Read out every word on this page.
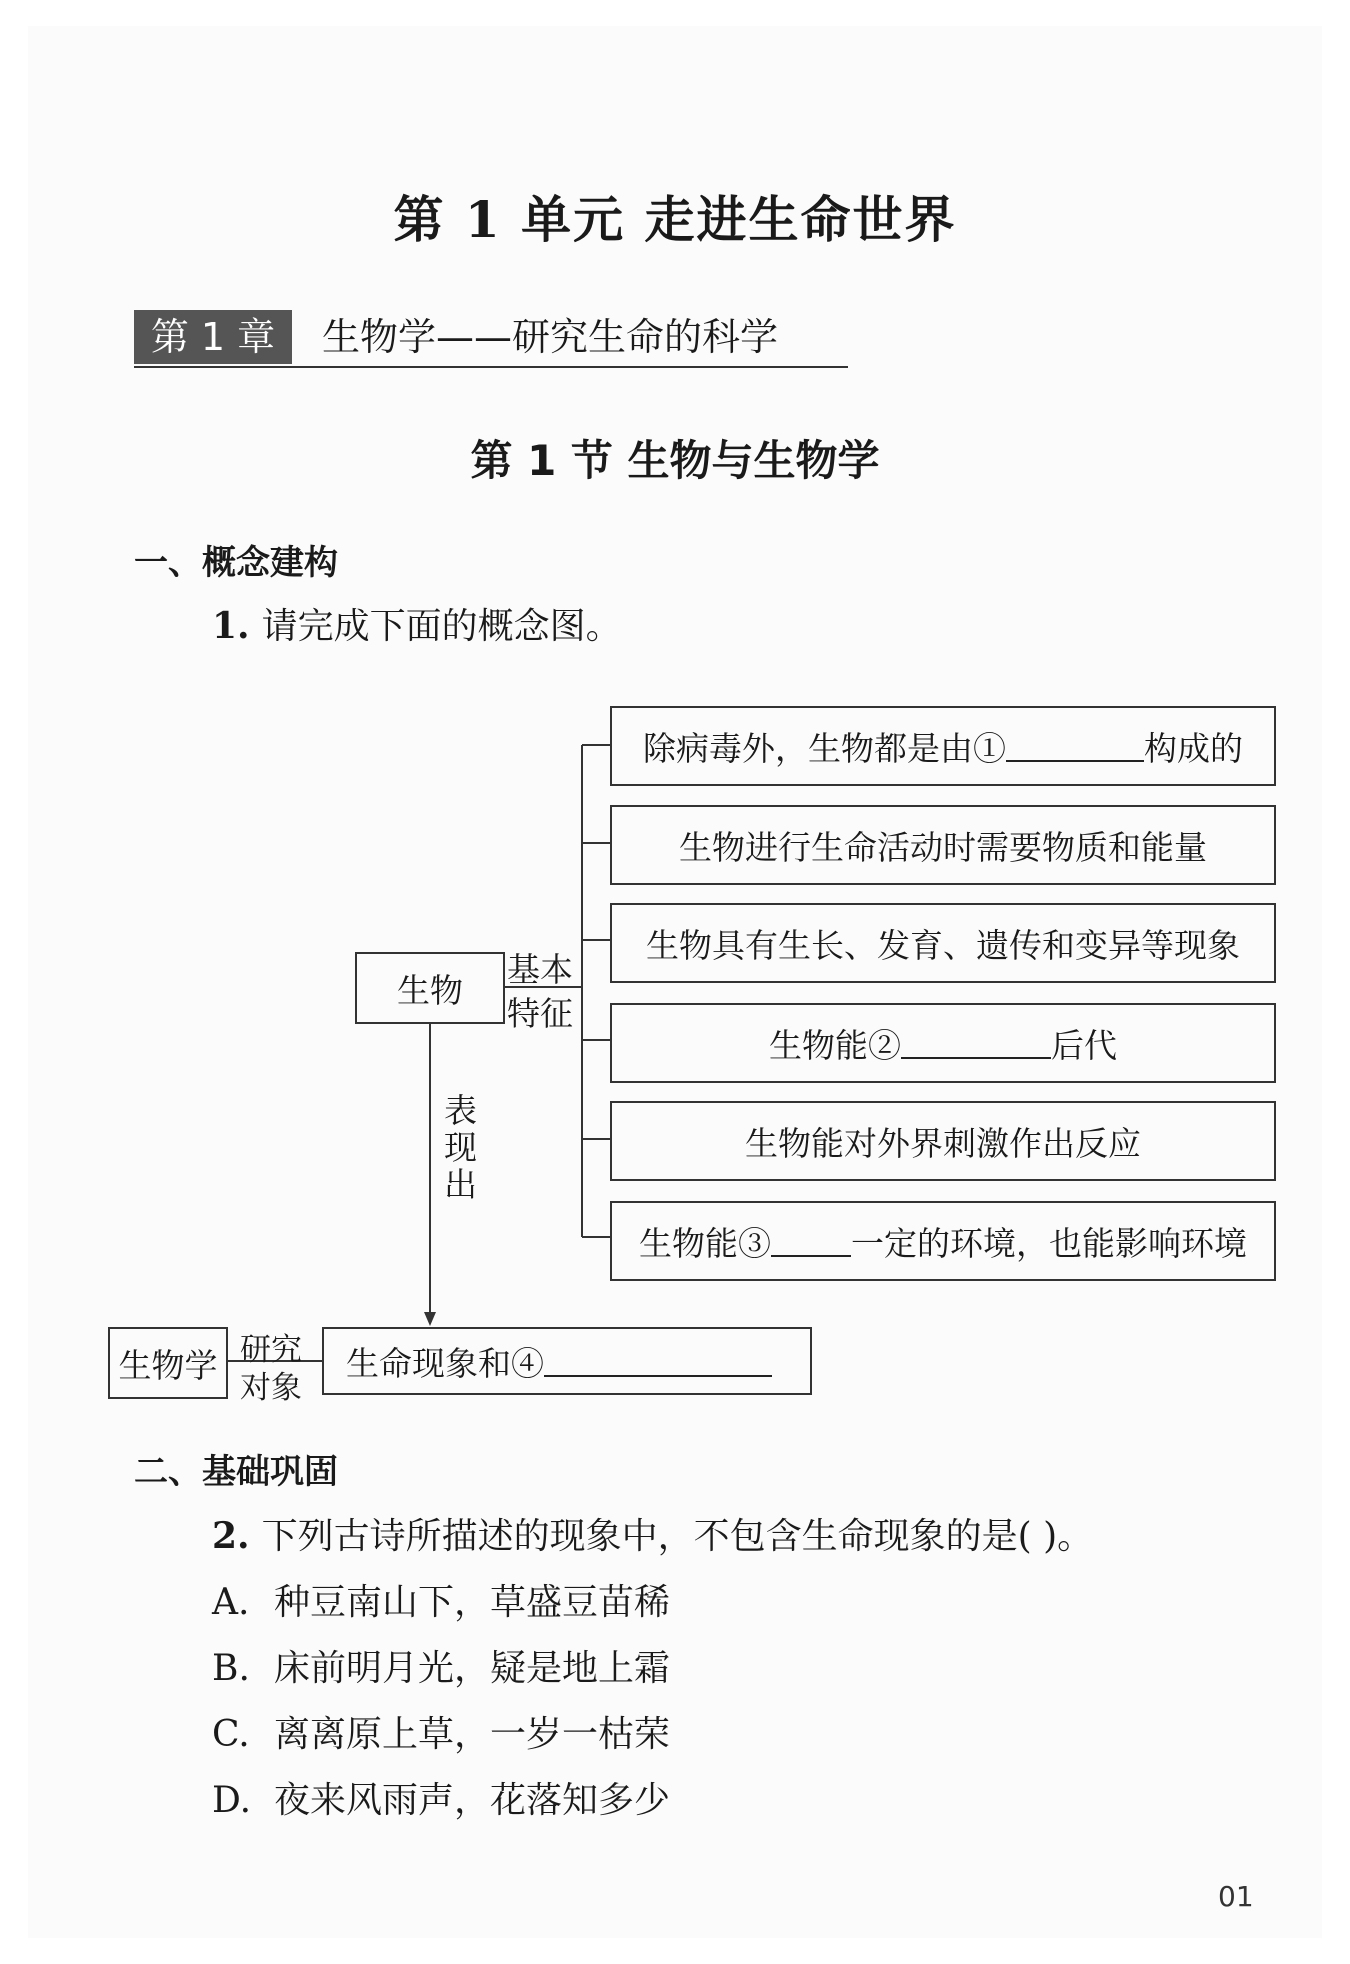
第 1 单元 走进生命世界
第 1 章	生物学——研究生命的科学
第 1 节 生物与生物学
一、概念建构
1. 请完成下面的概念图。
生物
基本
特征
表
现
出
除病毒外，生物都是由①	构成的
生物进行生命活动时需要物质和能量
生物具有生长、发育、遗传和变异等现象
生物能②	后代
生物能对外界刺激作出反应
生物能③ 一定的环境，也能影响环境
生物学 研究
对象
生命现象和④
二、基础巩固
2. 下列古诗所描述的现象中，不包含生命现象的是( )。
A. 种豆南山下，草盛豆苗稀
B. 床前明月光，疑是地上霜
C. 离离原上草，一岁一枯荣
D. 夜来风雨声，花落知多少
01
